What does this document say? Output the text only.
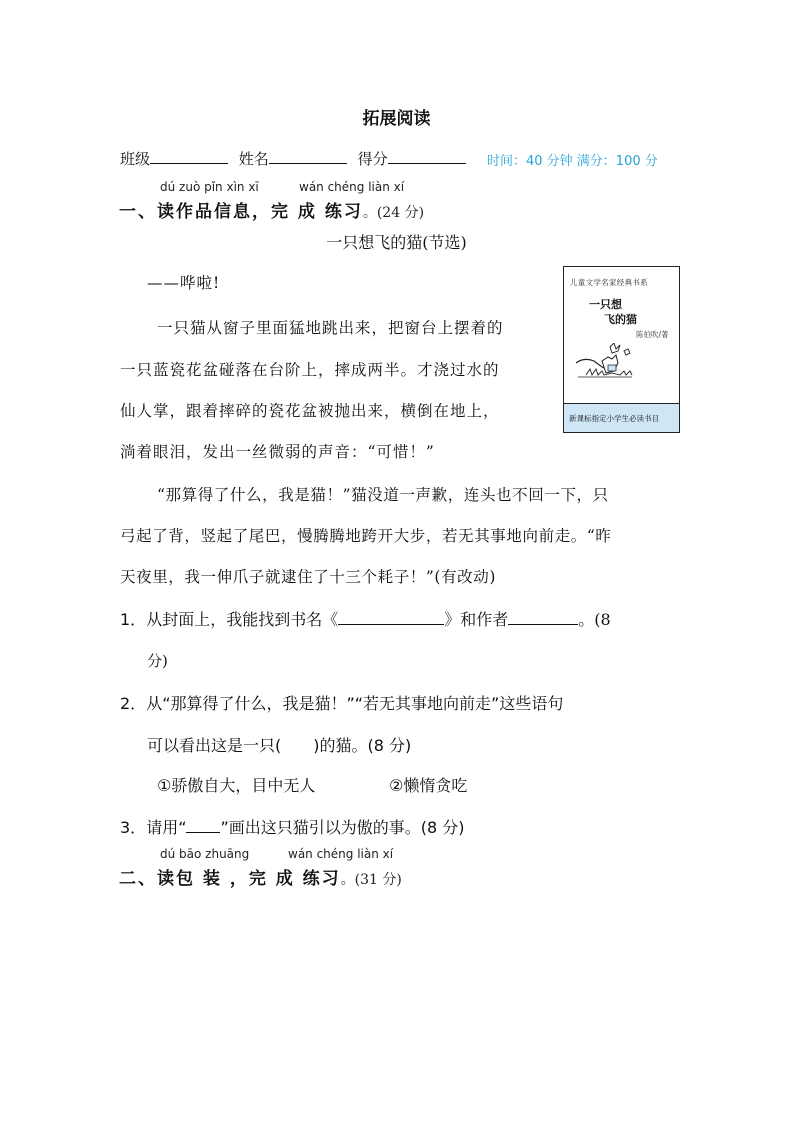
拓展阅读
班级	姓名	得分	时间：40 分钟 满分：100 分
dú zuò pǐn xìn xī	wán chéng liàn xí
一、读作品信息，完 成 练习。(24 分)
一只想飞的猫(节选)
——哗啦!
一只猫从窗子里面猛地跳出来，把窗台上摆着的
一只蓝瓷花盆碰落在台阶上，摔成两半。才浇过水的
仙人掌，跟着摔碎的瓷花盆被抛出来，横倒在地上，
淌着眼泪，发出一丝微弱的声音：“可惜！”
“那算得了什么，我是猫！”猫没道一声歉，连头也不回一下，只
弓起了背，竖起了尾巴，慢腾腾地跨开大步，若无其事地向前走。“昨
天夜里，我一伸爪子就逮住了十三个耗子！”(有改动)
儿童文学名家经典书系
一只想
飞的猫
陈伯吹/著
新课标指定小学生必读书目
1．从封面上，我能找到书名《	》和作者	。(8
分)
2．从“那算得了什么，我是猫！”“若无其事地向前走”这些语句
可以看出这是一只(　　)的猫。(8 分)
①骄傲自大，目中无人	②懒惰贪吃
3．请用“ ”画出这只猫引以为傲的事。(8 分)
dú bāo zhuāng	wán chéng liàn xí
二、读包 装 ，完 成 练习。(31 分)
